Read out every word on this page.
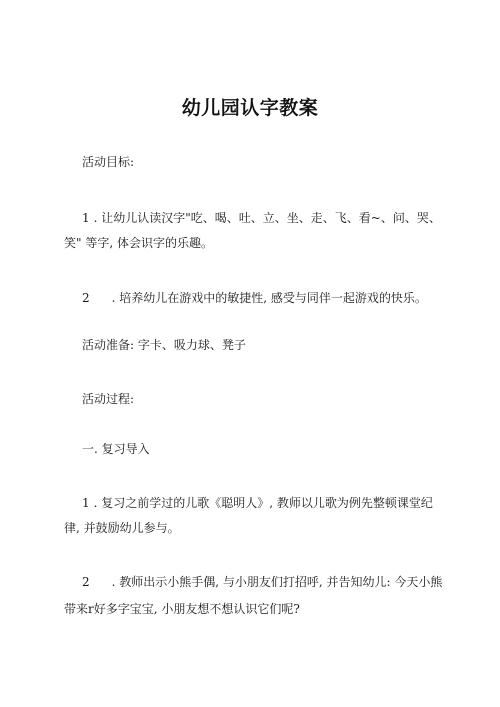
幼儿园认字教案
活动目标:
1 . 让幼儿认读汉字"吃、喝、吐、立、坐、走、飞、看~、问、哭、
笑" 等字, 体会识字的乐趣。
2 . 培养幼儿在游戏中的敏捷性, 感受与同伴一起游戏的快乐。
活动准备: 字卡、吸力球、凳子
活动过程:
一. 复习导入
1 . 复习之前学过的儿歌《聪明人》, 教师以儿歌为例先整顿课堂纪
律, 并鼓励幼儿参与。
2 . 教师出示小熊手偶, 与小朋友们打招呼, 并告知幼儿: 今天小熊
带来r好多字宝宝, 小朋友想不想认识它们呢?
